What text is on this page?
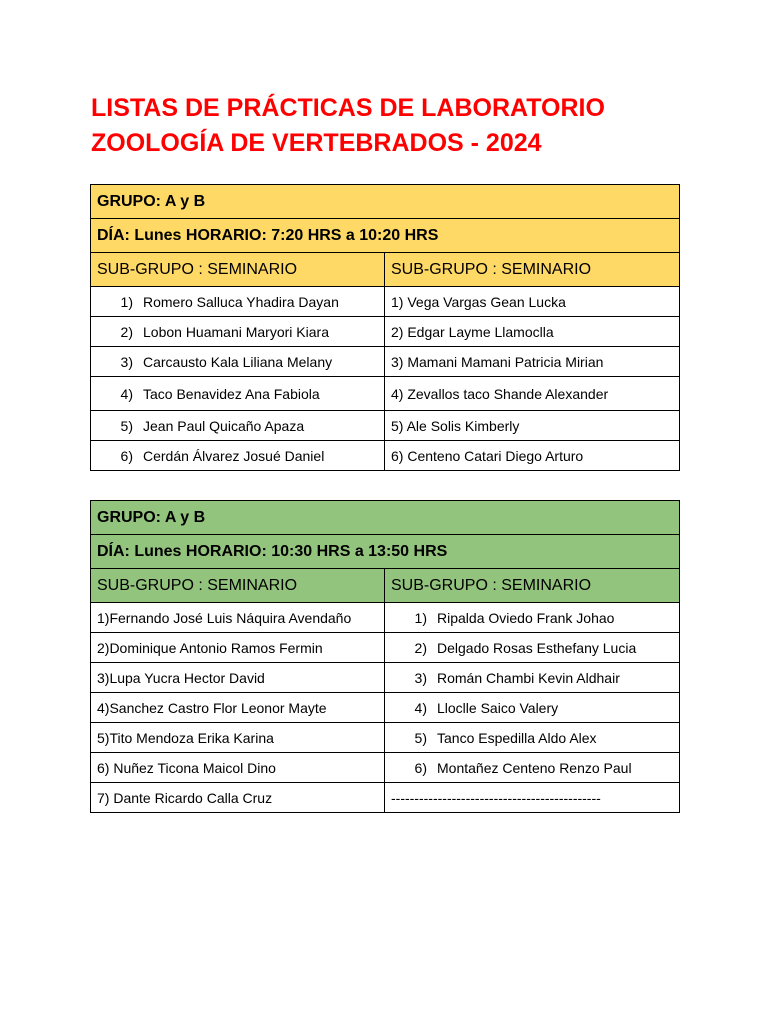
LISTAS DE PRÁCTICAS DE LABORATORIO
ZOOLOGÍA DE VERTEBRADOS - 2024
GRUPO: A y B	
DÍA: Lunes HORARIO: 7:20 HRS a 10:20 HRS	
SUB-GRUPO : SEMINARIO	SUB-GRUPO : SEMINARIO
1) Romero Salluca Yhadira Dayan	1) Vega Vargas Gean Lucka
2) Lobon Huamani Maryori Kiara	2) Edgar Layme Llamoclla
3) Carcausto Kala Liliana Melany	3) Mamani Mamani Patricia Mirian
4) Taco Benavidez Ana Fabiola	4) Zevallos taco Shande Alexander
5) Jean Paul Quicaño Apaza	5) Ale Solis Kimberly
6) Cerdán Álvarez Josué Daniel	6) Centeno Catari Diego Arturo
GRUPO: A y B	
DÍA: Lunes HORARIO: 10:30 HRS a 13:50 HRS	
SUB-GRUPO : SEMINARIO	SUB-GRUPO : SEMINARIO
1)Fernando José Luis Náquira Avendaño	1) Ripalda Oviedo Frank Johao
2)Dominique Antonio Ramos Fermin	2) Delgado Rosas Esthefany Lucia
3)Lupa Yucra Hector David	3) Román Chambi Kevin Aldhair
4)Sanchez Castro Flor Leonor Mayte	4) Lloclle Saico Valery
5)Tito Mendoza Erika Karina	5) Tanco Espedilla Aldo Alex
6) Nuñez Ticona Maicol Dino	6) Montañez Centeno Renzo Paul
7) Dante Ricardo Calla Cruz	---------------------------------------------
